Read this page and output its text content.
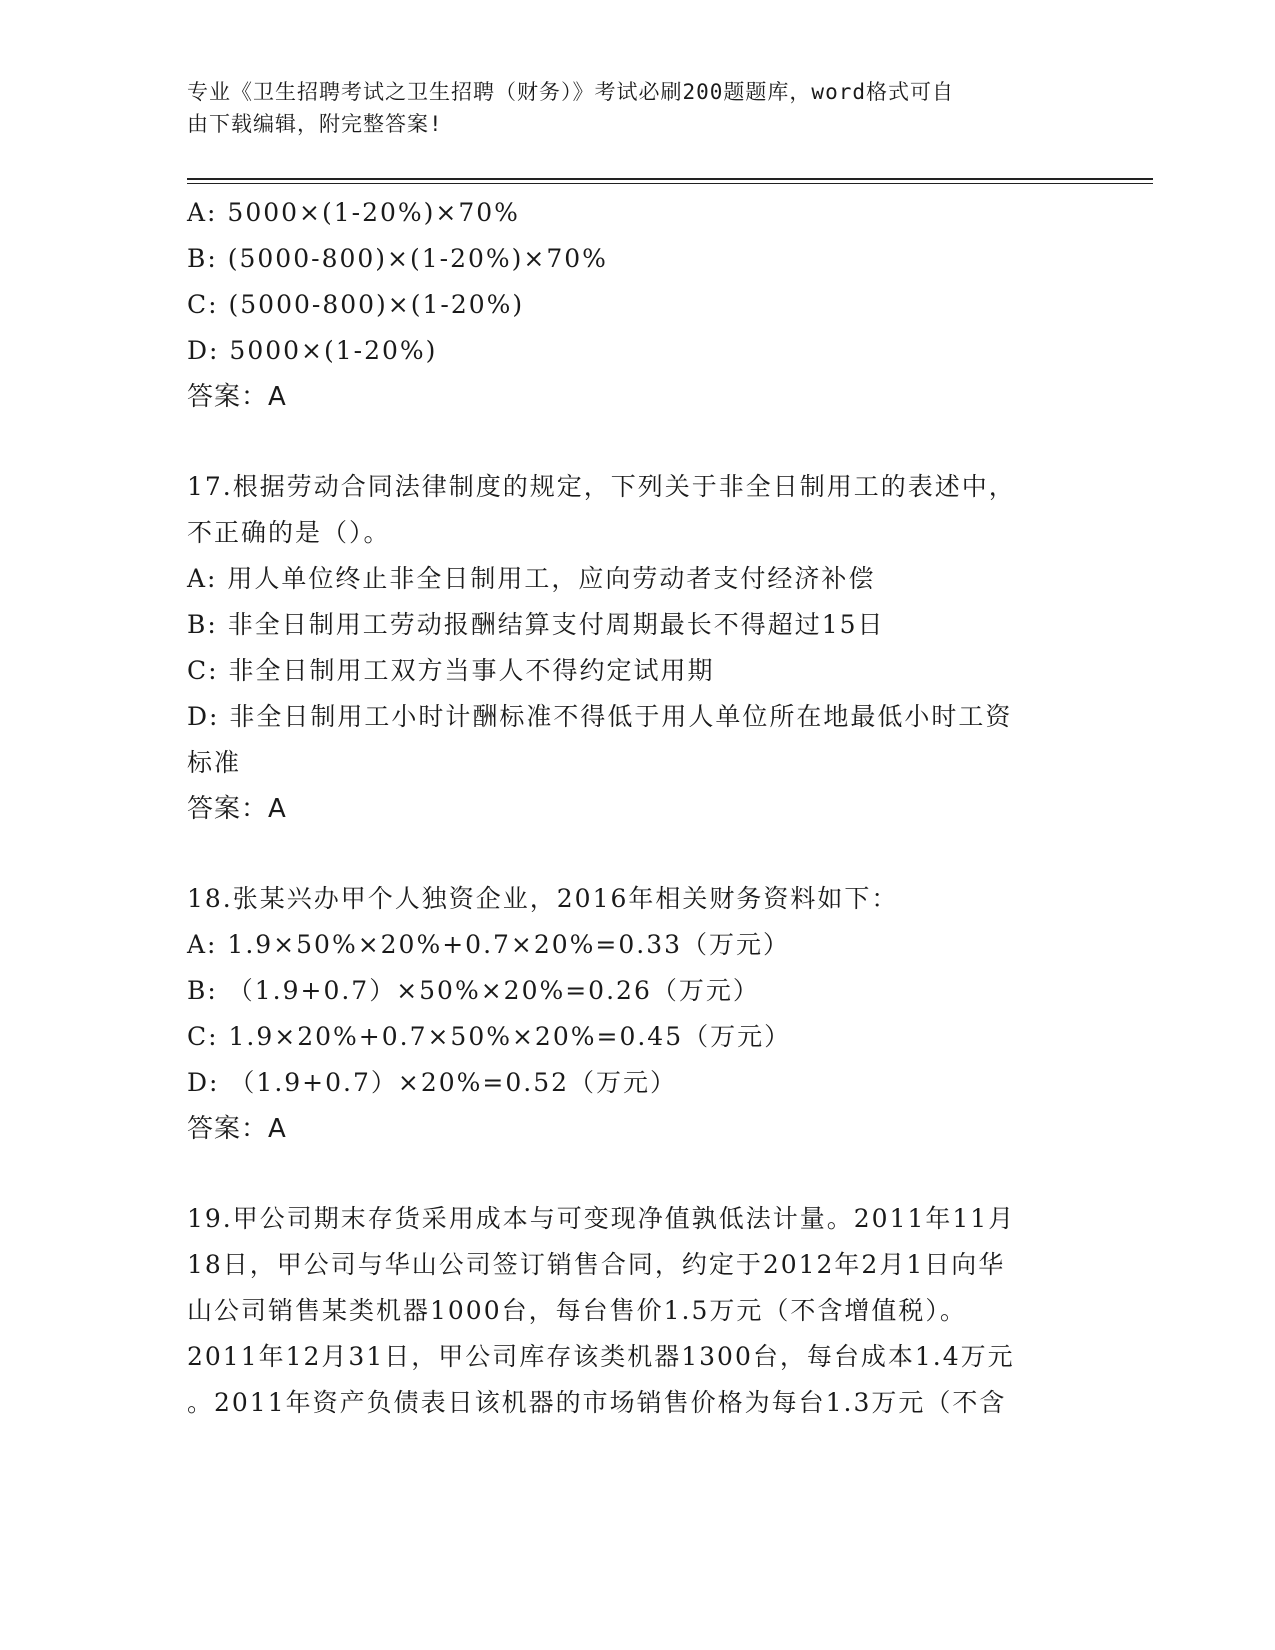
专业《卫生招聘考试之卫生招聘（财务）》考试必刷200题题库，word格式可自
由下载编辑，附完整答案!
A: 5000×(1-20%)×70%
B: (5000-800)×(1-20%)×70%
C: (5000-800)×(1-20%)
D: 5000×(1-20%)
答案：A
17.根据劳动合同法律制度的规定，下列关于非全日制用工的表述中，
不正确的是（）。
A: 用人单位终止非全日制用工，应向劳动者支付经济补偿
B: 非全日制用工劳动报酬结算支付周期最长不得超过15日
C: 非全日制用工双方当事人不得约定试用期
D: 非全日制用工小时计酬标准不得低于用人单位所在地最低小时工资
标准
答案：A
18.张某兴办甲个人独资企业，2016年相关财务资料如下：
A: 1.9×50%×20%+0.7×20%=0.33（万元）
B: （1.9+0.7）×50%×20%=0.26（万元）
C: 1.9×20%+0.7×50%×20%=0.45（万元）
D: （1.9+0.7）×20%=0.52（万元）
答案：A
19.甲公司期末存货采用成本与可变现净值孰低法计量。2011年11月
18日，甲公司与华山公司签订销售合同，约定于2012年2月1日向华
山公司销售某类机器1000台，每台售价1.5万元（不含增值税）。
2011年12月31日，甲公司库存该类机器1300台，每台成本1.4万元
。2011年资产负债表日该机器的市场销售价格为每台1.3万元（不含
